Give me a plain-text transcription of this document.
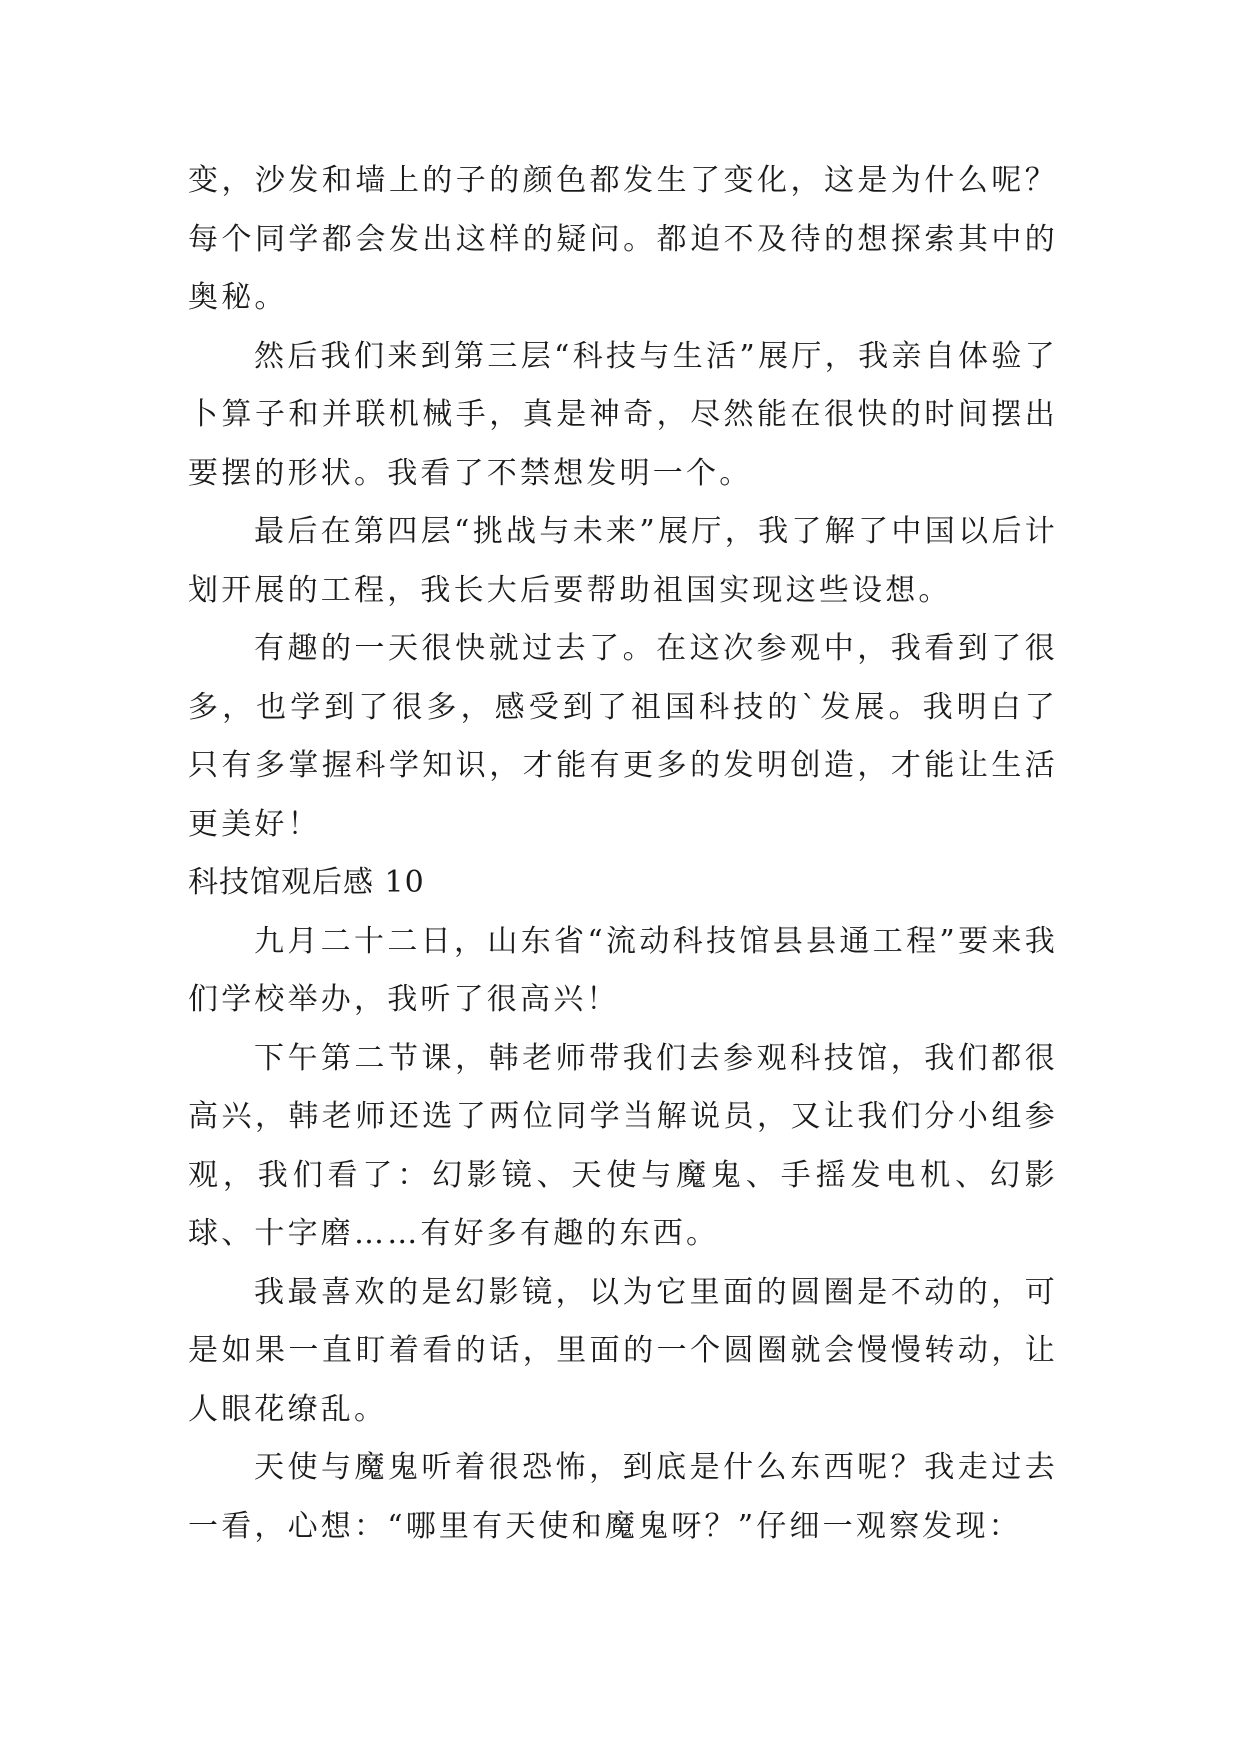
变，沙发和墙上的子的颜色都发生了变化，这是为什么呢？每个同学都会发出这样的疑问。都迫不及待的想探索其中的奥秘。

然后我们来到第三层“科技与生活”展厅，我亲自体验了卜算子和并联机械手，真是神奇，尽然能在很快的时间摆出要摆的形状。我看了不禁想发明一个。

最后在第四层“挑战与未来”展厅，我了解了中国以后计划开展的工程，我长大后要帮助祖国实现这些设想。

有趣的一天很快就过去了。在这次参观中，我看到了很多，也学到了很多，感受到了祖国科技的`发展。我明白了只有多掌握科学知识，才能有更多的发明创造，才能让生活更美好！

科技馆观后感 10

九月二十二日，山东省“流动科技馆县县通工程”要来我们学校举办，我听了很高兴！

下午第二节课，韩老师带我们去参观科技馆，我们都很高兴，韩老师还选了两位同学当解说员，又让我们分小组参观，我们看了：幻影镜、天使与魔鬼、手摇发电机、幻影球、十字磨……有好多有趣的东西。

我最喜欢的是幻影镜，以为它里面的圆圈是不动的，可是如果一直盯着看的话，里面的一个圆圈就会慢慢转动，让人眼花缭乱。

天使与魔鬼听着很恐怖，到底是什么东西呢？我走过去一看，心想：“哪里有天使和魔鬼呀？”仔细一观察发现：
